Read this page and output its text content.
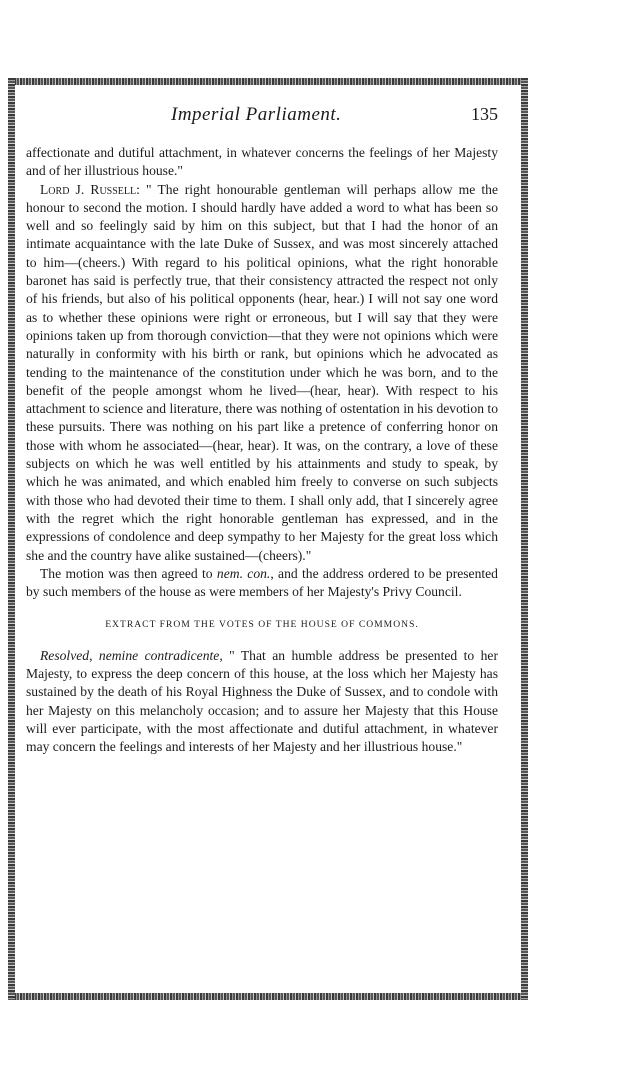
Imperial Parliament.	135

affectionate and dutiful attachment, in whatever concerns the feelings of her Majesty and of her illustrious house."

Lord J. Russell: " The right honourable gentleman will perhaps allow me the honour to second the motion. I should hardly have added a word to what has been so well and so feelingly said by him on this subject, but that I had the honor of an intimate acquaintance with the late Duke of Sussex, and was most sincerely attached to him—(cheers.) With regard to his political opinions, what the right honorable baronet has said is perfectly true, that their consistency attracted the respect not only of his friends, but also of his political opponents (hear, hear.) I will not say one word as to whether these opinions were right or erroneous, but I will say that they were opinions taken up from thorough conviction—that they were not opinions which were naturally in conformity with his birth or rank, but opinions which he advocated as tending to the maintenance of the constitution under which he was born, and to the benefit of the people amongst whom he lived—(hear, hear). With respect to his attachment to science and literature, there was nothing of ostentation in his devotion to these pursuits. There was nothing on his part like a pretence of conferring honor on those with whom he associated—(hear, hear). It was, on the contrary, a love of these subjects on which he was well entitled by his attainments and study to speak, by which he was animated, and which enabled him freely to converse on such subjects with those who had devoted their time to them. I shall only add, that I sincerely agree with the regret which the right honorable gentleman has expressed, and in the expressions of condolence and deep sympathy to her Majesty for the great loss which she and the country have alike sustained—(cheers)."

The motion was then agreed to nem. con., and the address ordered to be presented by such members of the house as were members of her Majesty's Privy Council.

EXTRACT FROM THE VOTES OF THE HOUSE OF COMMONS.

Resolved, nemine contradicente, " That an humble address be presented to her Majesty, to express the deep concern of this house, at the loss which her Majesty has sustained by the death of his Royal Highness the Duke of Sussex, and to condole with her Majesty on this melancholy occasion; and to assure her Majesty that this House will ever participate, with the most affectionate and dutiful attachment, in whatever may concern the feelings and interests of her Majesty and her illustrious house."
